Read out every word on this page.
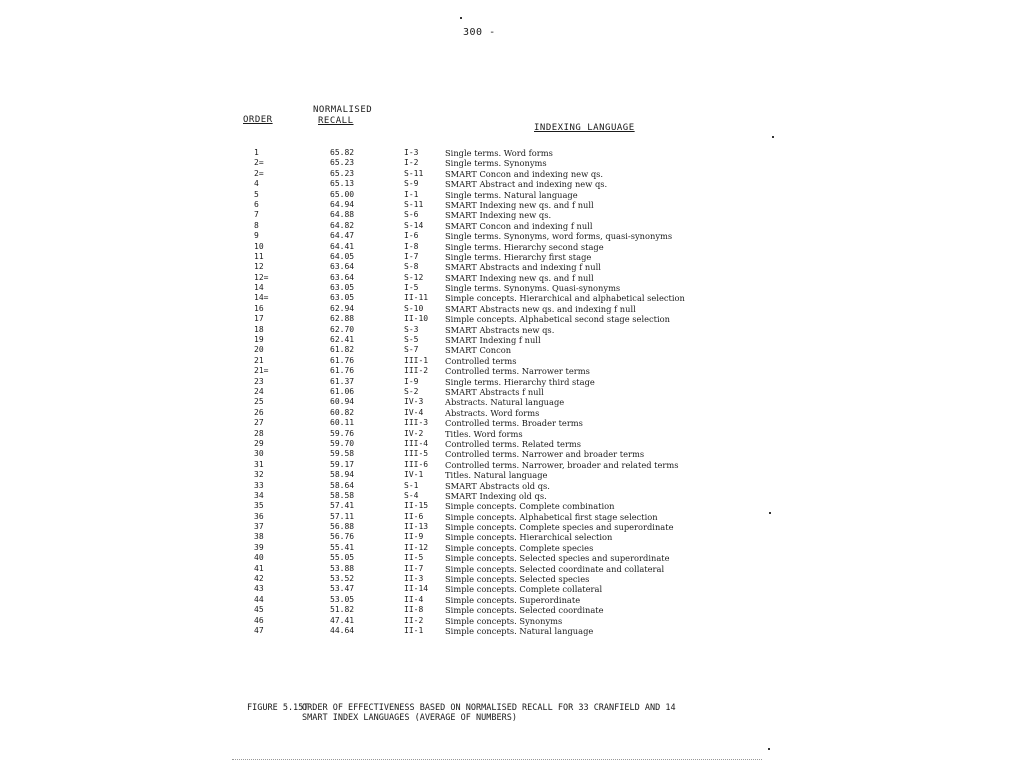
300 -
ORDER
NORMALISED
RECALL
INDEXING LANGUAGE
1	65.82	I-3	Single terms. Word forms
2=	65.23	I-2	Single terms. Synonyms
2=	65.23	S-11	SMART Concon and indexing new qs.
4	65.13	S-9	SMART Abstract and indexing new qs.
5	65.00	I-1	Single terms. Natural language
6	64.94	S-11	SMART Indexing new qs. and f null
7	64.88	S-6	SMART Indexing new qs.
8	64.82	S-14	SMART Concon and indexing f null
9	64.47	I-6	Single terms. Synonyms, word forms, quasi-synonyms
10	64.41	I-8	Single terms. Hierarchy second stage
11	64.05	I-7	Single terms. Hierarchy first stage
12	63.64	S-8	SMART Abstracts and indexing f null
12=	63.64	S-12	SMART Indexing new qs. and f null
14	63.05	I-5	Single terms. Synonyms. Quasi-synonyms
14=	63.05	II-11 Simple concepts. Hierarchical and alphabetical selection
16	62.94	S-10	SMART Abstracts new qs. and indexing f null
17	62.88	II-10 Simple concepts. Alphabetical second stage selection
18	62.70	S-3	SMART Abstracts new qs.
19	62.41	S-5	SMART Indexing f null
20	61.82	S-7	SMART Concon
21	61.76	III-1 Controlled terms
21=	61.76	III-2 Controlled terms. Narrower terms
23	61.37	I-9	Single terms. Hierarchy third stage
24	61.06	S-2	SMART Abstracts f null
25	60.94	IV-3	Abstracts. Natural language
26	60.82	IV-4	Abstracts. Word forms
27	60.11	III-3 Controlled terms. Broader terms
28	59.76	IV-2	Titles. Word forms
29	59.70	III-4 Controlled terms. Related terms
30	59.58	III-5 Controlled terms. Narrower and broader terms
31	59.17	III-6 Controlled terms. Narrower, broader and related terms
32	58.94	IV-1	Titles. Natural language
33	58.64	S-1	SMART Abstracts old qs.
34	58.58	S-4	SMART Indexing old qs.
35	57.41	II-15 Simple concepts. Complete combination
36	57.11	II-6	Simple concepts. Alphabetical first stage selection
37	56.88	II-13 Simple concepts. Complete species and superordinate
38	56.76	II-9	Simple concepts. Hierarchical selection
39	55.41	II-12 Simple concepts. Complete species
40	55.05	II-5	Simple concepts. Selected species and superordinate
41	53.88	II-7	Simple concepts. Selected coordinate and collateral
42	53.52	II-3	Simple concepts. Selected species
43	53.47	II-14 Simple concepts. Complete collateral
44	53.05	II-4	Simple concepts. Superordinate
45	51.82	II-8	Simple concepts. Selected coordinate
46	47.41	II-2	Simple concepts. Synonyms
47	44.64	II-1	Simple concepts. Natural language
FIGURE 5.15T
ORDER OF EFFECTIVENESS BASED ON NORMALISED RECALL FOR 33 CRANFIELD AND 14 SMART INDEX LANGUAGES (AVERAGE OF NUMBERS)
